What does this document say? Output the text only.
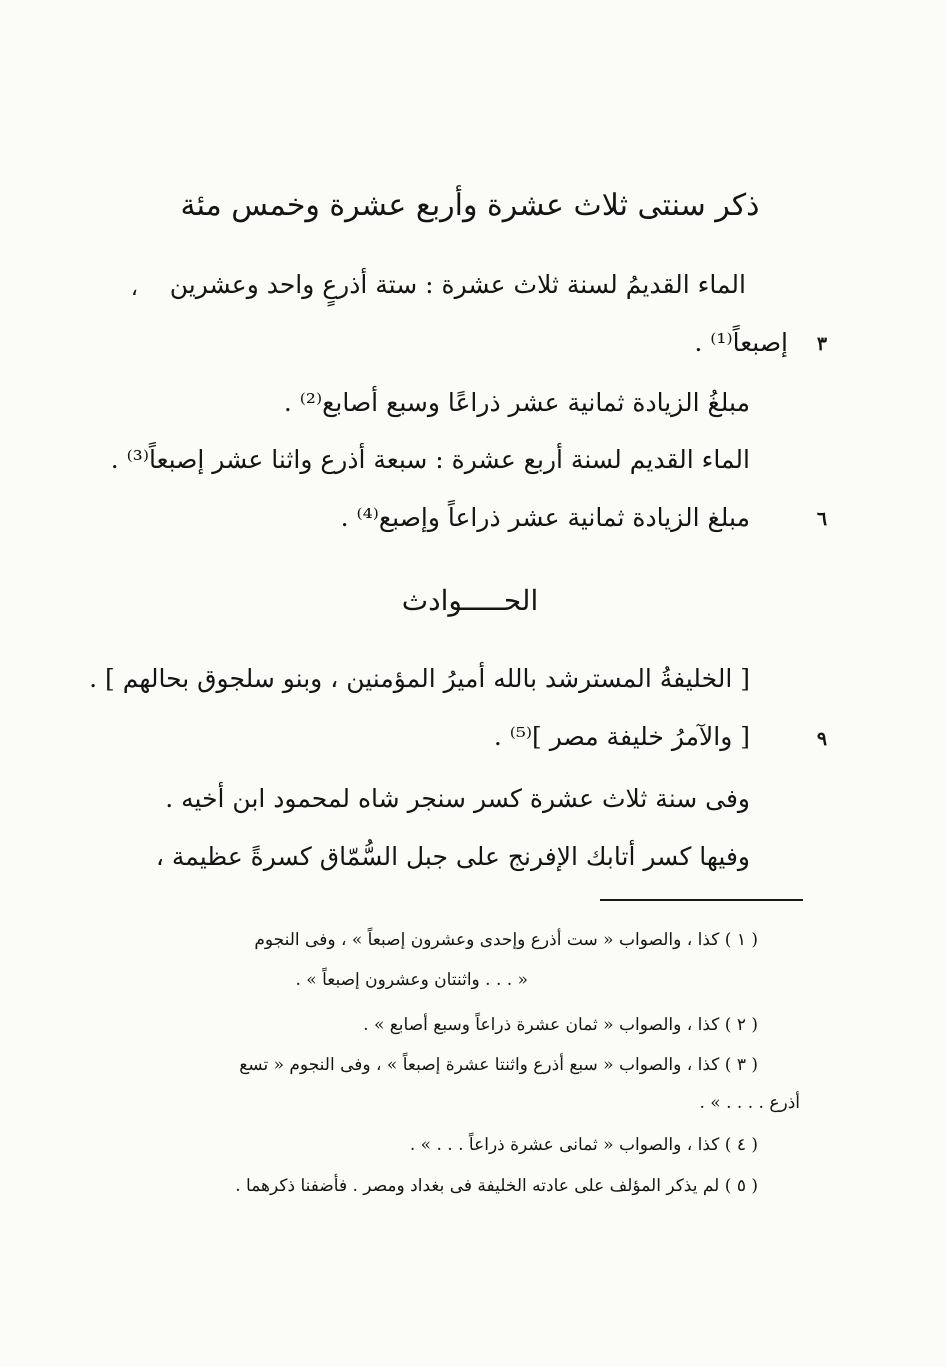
ذكر سنتى ثلاث عشرة وأربع عشرة وخمس مئة
الماء القديمُ لسنة ثلاث عشرة : ستة أذرعٍ واحد وعشرين
،
إصبعاً⁽¹⁾ .	٣
مبلغُ الزيادة ثمانية عشر ذراعًا وسبع أصابع⁽²⁾ .
الماء القديم لسنة أربع عشرة : سبعة أذرع واثنا عشر إصبعاً⁽³⁾ .
مبلغ الزيادة ثمانية عشر ذراعاً وإصبع⁽⁴⁾ .	٦
الحـــــوادث
[ الخليفةُ المسترشد بالله أميرُ المؤمنين ، وبنو سلجوق بحالهم ] .
[ والآمرُ خليفة مصر ]⁽⁵⁾ .	٩
وفى سنة ثلاث عشرة كسر سنجر شاه لمحمود ابن أخيه .
وفيها كسر أتابك الإفرنج على جبل السُّمّاق كسرةً عظيمة ،
( ١ ) كذا ، والصواب « ست أذرع وإحدى وعشرون إصبعاً » ، وفى النجوم
« . . . واثنتان وعشرون إصبعاً » .
( ٢ ) كذا ، والصواب « ثمان عشرة ذراعاً وسبع أصابع » .
( ٣ ) كذا ، والصواب « سبع أذرع واثنتا عشرة إصبعاً » ، وفى النجوم « تسع
أذرع . . . . » .
( ٤ ) كذا ، والصواب « ثمانى عشرة ذراعاً . . . » .
( ٥ ) لم يذكر المؤلف على عادته الخليفة فى بغداد ومصر . فأضفنا ذكرهما .
